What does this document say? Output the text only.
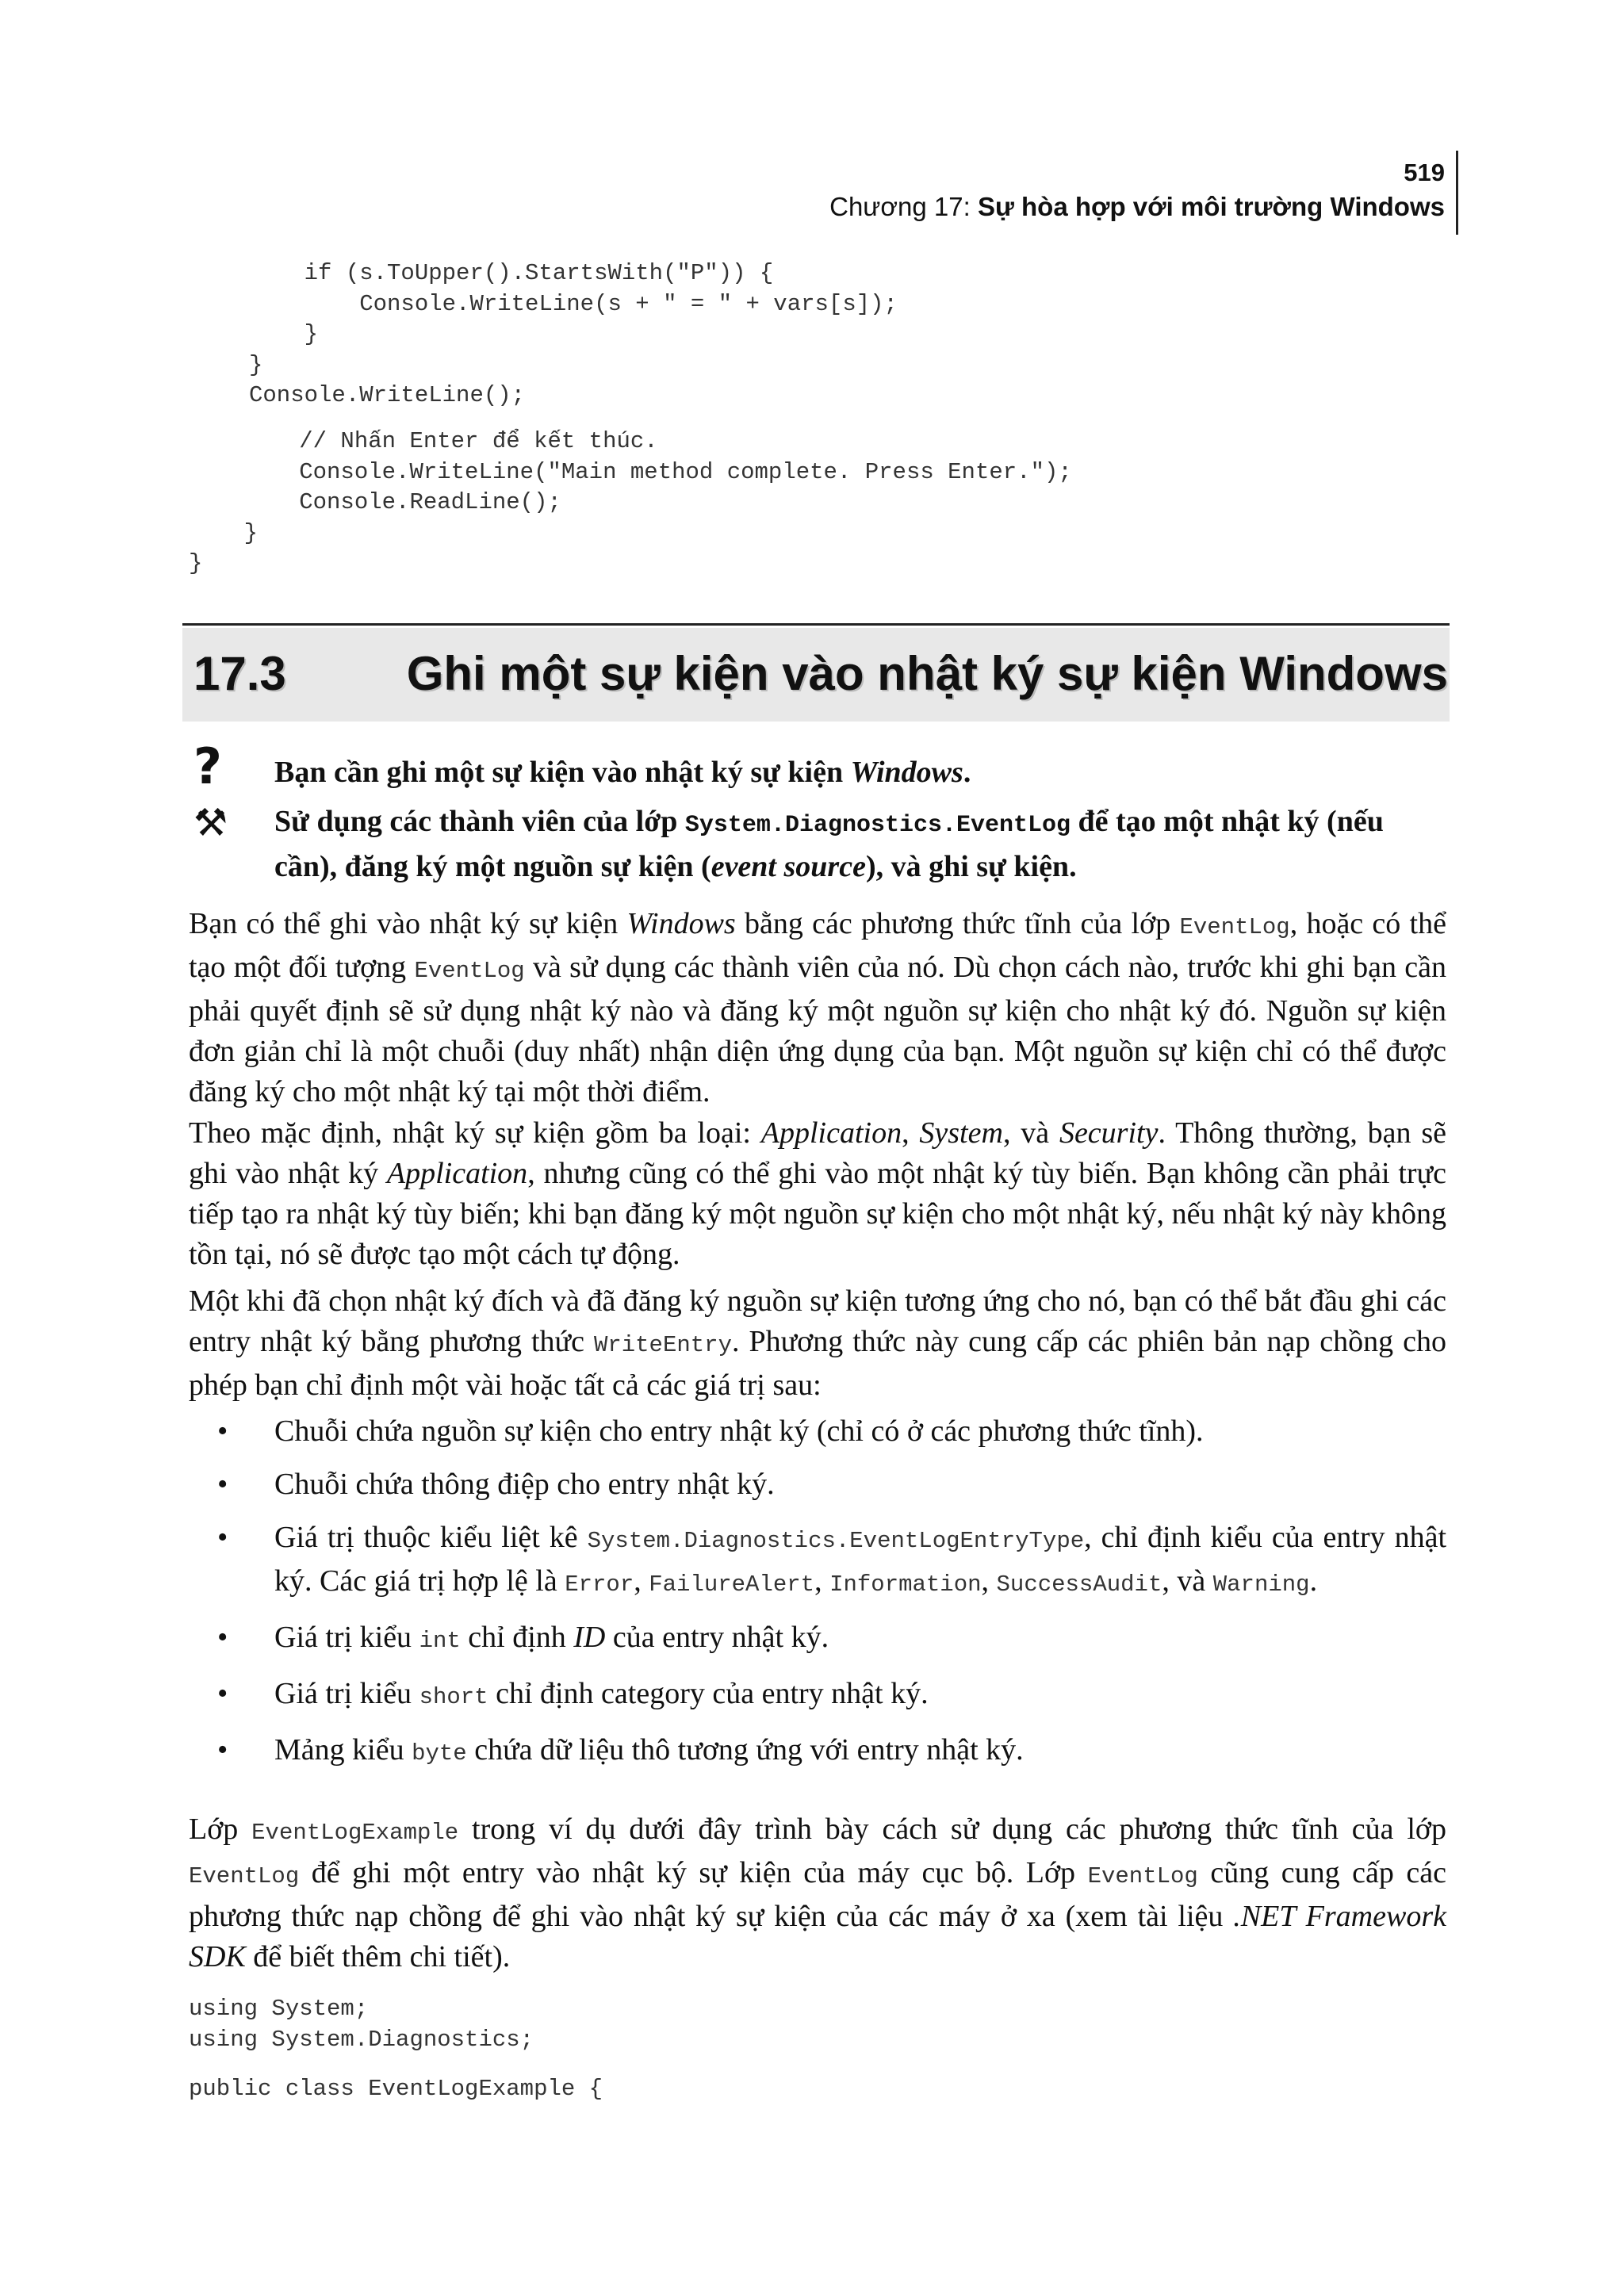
519
Chương 17: Sự hòa hợp với môi trường Windows
if (s.ToUpper().StartsWith("P")) {
Console.WriteLine(s + " = " + vars[s]);
}
}
Console.WriteLine();
// Nhấn Enter để kết thúc.
Console.WriteLine("Main method complete. Press Enter.");
Console.ReadLine();
}
}
17.3	Ghi một sự kiện vào nhật ký sự kiện Windows
? Bạn cần ghi một sự kiện vào nhật ký sự kiện Windows.
⚒ Sử dụng các thành viên của lớp System.Diagnostics.EventLog để tạo một nhật ký (nếu cần), đăng ký một nguồn sự kiện (event source), và ghi sự kiện.

Bạn có thể ghi vào nhật ký sự kiện Windows bằng các phương thức tĩnh của lớp EventLog, hoặc có thể tạo một đối tượng EventLog và sử dụng các thành viên của nó. Dù chọn cách nào, trước khi ghi bạn cần phải quyết định sẽ sử dụng nhật ký nào và đăng ký một nguồn sự kiện cho nhật ký đó. Nguồn sự kiện đơn giản chỉ là một chuỗi (duy nhất) nhận diện ứng dụng của bạn. Một nguồn sự kiện chỉ có thể được đăng ký cho một nhật ký tại một thời điểm.

Theo mặc định, nhật ký sự kiện gồm ba loại: Application, System, và Security. Thông thường, bạn sẽ ghi vào nhật ký Application, nhưng cũng có thể ghi vào một nhật ký tùy biến. Bạn không cần phải trực tiếp tạo ra nhật ký tùy biến; khi bạn đăng ký một nguồn sự kiện cho một nhật ký, nếu nhật ký này không tồn tại, nó sẽ được tạo một cách tự động.

Một khi đã chọn nhật ký đích và đã đăng ký nguồn sự kiện tương ứng cho nó, bạn có thể bắt đầu ghi các entry nhật ký bằng phương thức WriteEntry. Phương thức này cung cấp các phiên bản nạp chồng cho phép bạn chỉ định một vài hoặc tất cả các giá trị sau:

• Chuỗi chứa nguồn sự kiện cho entry nhật ký (chỉ có ở các phương thức tĩnh).
• Chuỗi chứa thông điệp cho entry nhật ký.
• Giá trị thuộc kiểu liệt kê System.Diagnostics.EventLogEntryType, chỉ định kiểu của entry nhật ký. Các giá trị hợp lệ là Error, FailureAlert, Information, SuccessAudit, và Warning.
• Giá trị kiểu int chỉ định ID của entry nhật ký.
• Giá trị kiểu short chỉ định category của entry nhật ký.
• Mảng kiểu byte chứa dữ liệu thô tương ứng với entry nhật ký.

Lớp EventLogExample trong ví dụ dưới đây trình bày cách sử dụng các phương thức tĩnh của lớp EventLog để ghi một entry vào nhật ký sự kiện của máy cục bộ. Lớp EventLog cũng cung cấp các phương thức nạp chồng để ghi vào nhật ký sự kiện của các máy ở xa (xem tài liệu .NET Framework SDK để biết thêm chi tiết).

using System;
using System.Diagnostics;
public class EventLogExample {
